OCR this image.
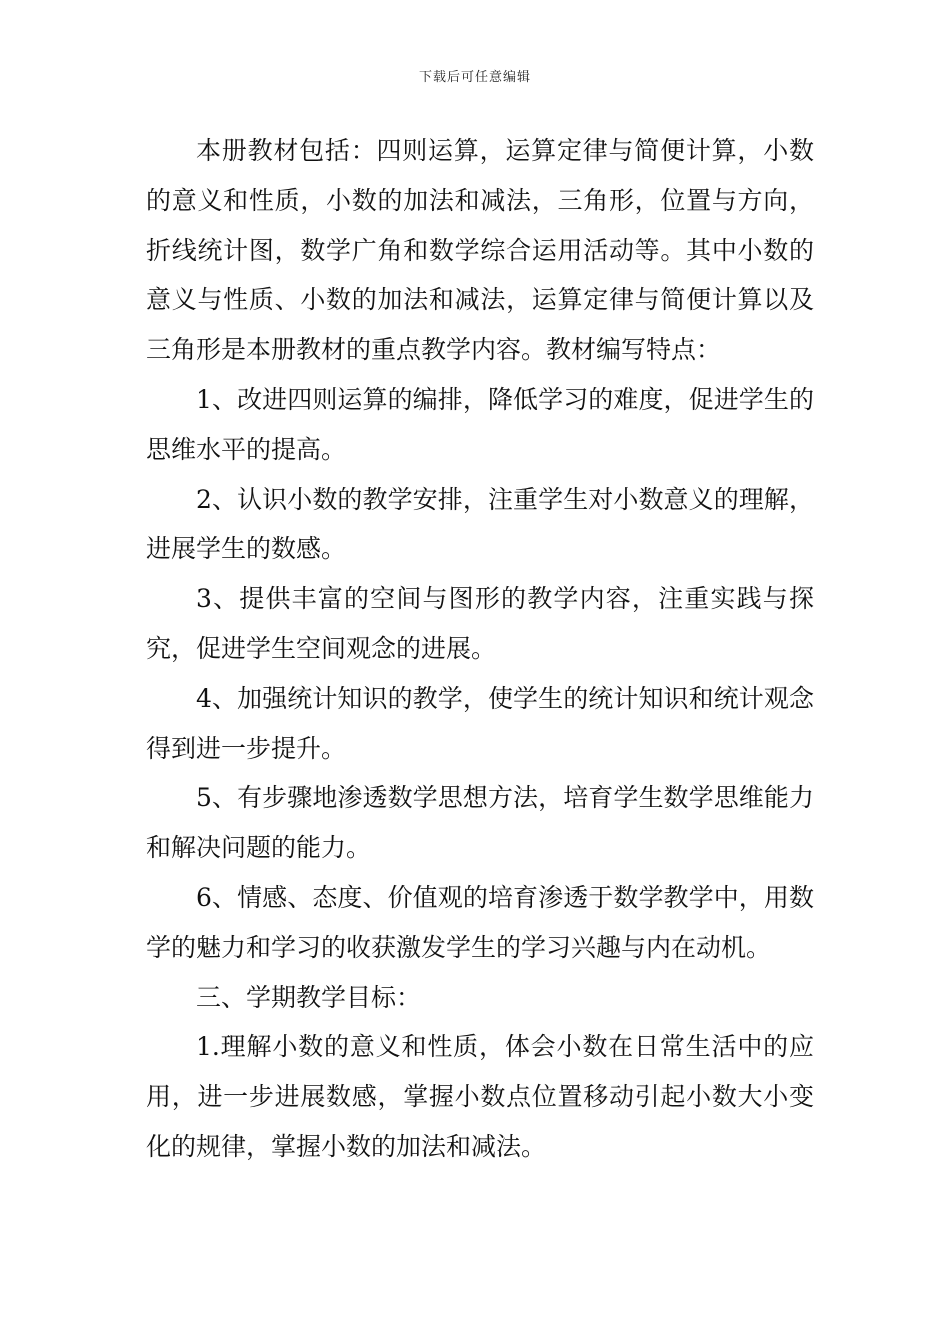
下载后可任意编辑

本册教材包括：四则运算，运算定律与简便计算，小数的意义和性质，小数的加法和减法，三角形，位置与方向，折线统计图，数学广角和数学综合运用活动等。其中小数的意义与性质、小数的加法和减法，运算定律与简便计算以及三角形是本册教材的重点教学内容。教材编写特点：

1、改进四则运算的编排，降低学习的难度，促进学生的思维水平的提高。

2、认识小数的教学安排，注重学生对小数意义的理解，进展学生的数感。

3、提供丰富的空间与图形的教学内容，注重实践与探究，促进学生空间观念的进展。

4、加强统计知识的教学，使学生的统计知识和统计观念得到进一步提升。

5、有步骤地渗透数学思想方法，培育学生数学思维能力和解决问题的能力。

6、情感、态度、价值观的培育渗透于数学教学中，用数学的魅力和学习的收获激发学生的学习兴趣与内在动机。

三、学期教学目标：

1.理解小数的意义和性质，体会小数在日常生活中的应用，进一步进展数感，掌握小数点位置移动引起小数大小变化的规律，掌握小数的加法和减法。
